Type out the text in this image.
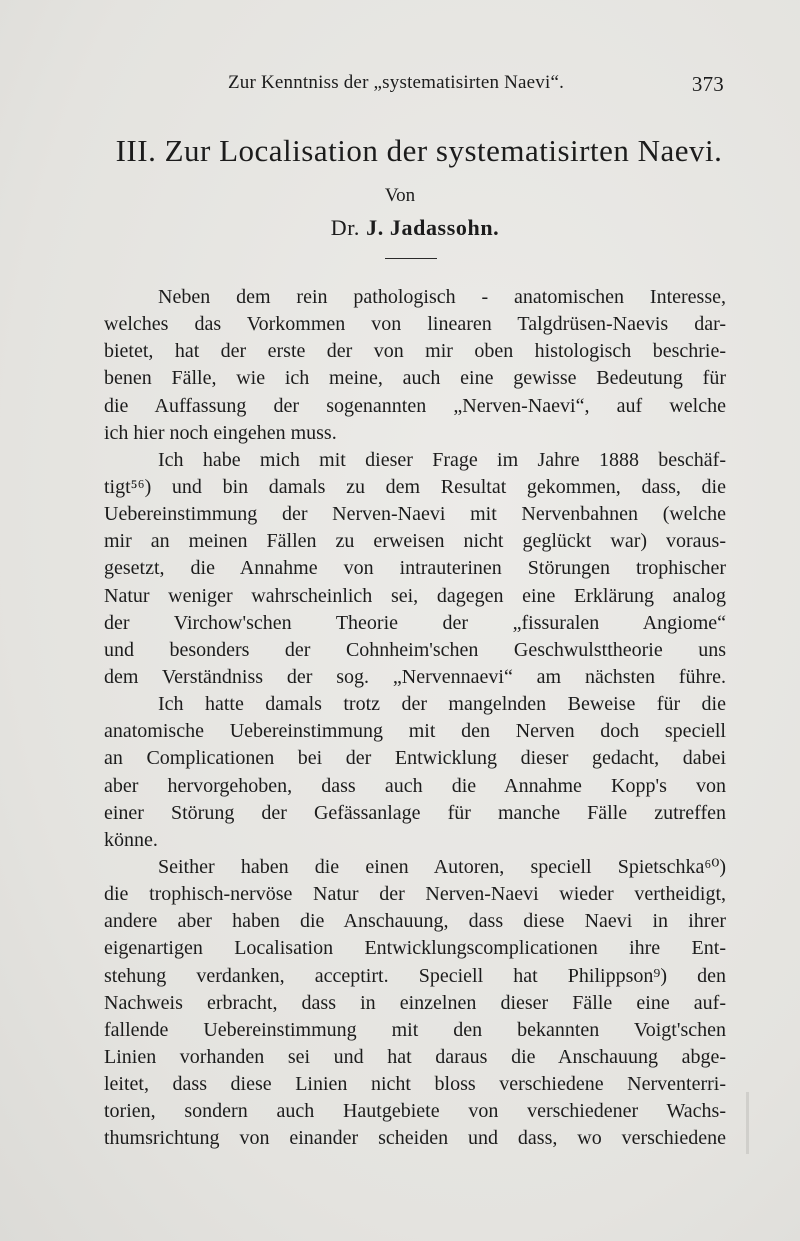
Zur Kenntniss der „systematisirten Naevi“.	373
III. Zur Localisation der systematisirten Naevi.
Von
Dr. J. Jadassohn.
Neben dem rein pathologisch - anatomischen Interesse,
welches das Vorkommen von linearen Talgdrüsen-Naevis dar-
bietet, hat der erste der von mir oben histologisch beschrie-
benen Fälle, wie ich meine, auch eine gewisse Bedeutung für
die Auffassung der sogenannten „Nerven-Naevi“, auf welche
ich hier noch eingehen muss.
Ich habe mich mit dieser Frage im Jahre 1888 beschäf-
tigt⁵⁶) und bin damals zu dem Resultat gekommen, dass, die
Uebereinstimmung der Nerven-Naevi mit Nervenbahnen (welche
mir an meinen Fällen zu erweisen nicht geglückt war) voraus-
gesetzt, die Annahme von intrauterinen Störungen trophischer
Natur weniger wahrscheinlich sei, dagegen eine Erklärung analog
der Virchow'schen Theorie der „fissuralen Angiome“
und besonders der Cohnheim'schen Geschwulsttheorie uns
dem Verständniss der sog. „Nervennaevi“ am nächsten führe.
Ich hatte damals trotz der mangelnden Beweise für die
anatomische Uebereinstimmung mit den Nerven doch speciell
an Complicationen bei der Entwicklung dieser gedacht, dabei
aber hervorgehoben, dass auch die Annahme Kopp's von
einer Störung der Gefässanlage für manche Fälle zutreffen
könne.
Seither haben die einen Autoren, speciell Spietschka⁶⁰)
die trophisch-nervöse Natur der Nerven-Naevi wieder vertheidigt,
andere aber haben die Anschauung, dass diese Naevi in ihrer
eigenartigen Localisation Entwicklungscomplicationen ihre Ent-
stehung verdanken, acceptirt. Speciell hat Philippson⁹) den
Nachweis erbracht, dass in einzelnen dieser Fälle eine auf-
fallende Uebereinstimmung mit den bekannten Voigt'schen
Linien vorhanden sei und hat daraus die Anschauung abge-
leitet, dass diese Linien nicht bloss verschiedene Nerventerri-
torien, sondern auch Hautgebiete von verschiedener Wachs-
thumsrichtung von einander scheiden und dass, wo verschiedene
